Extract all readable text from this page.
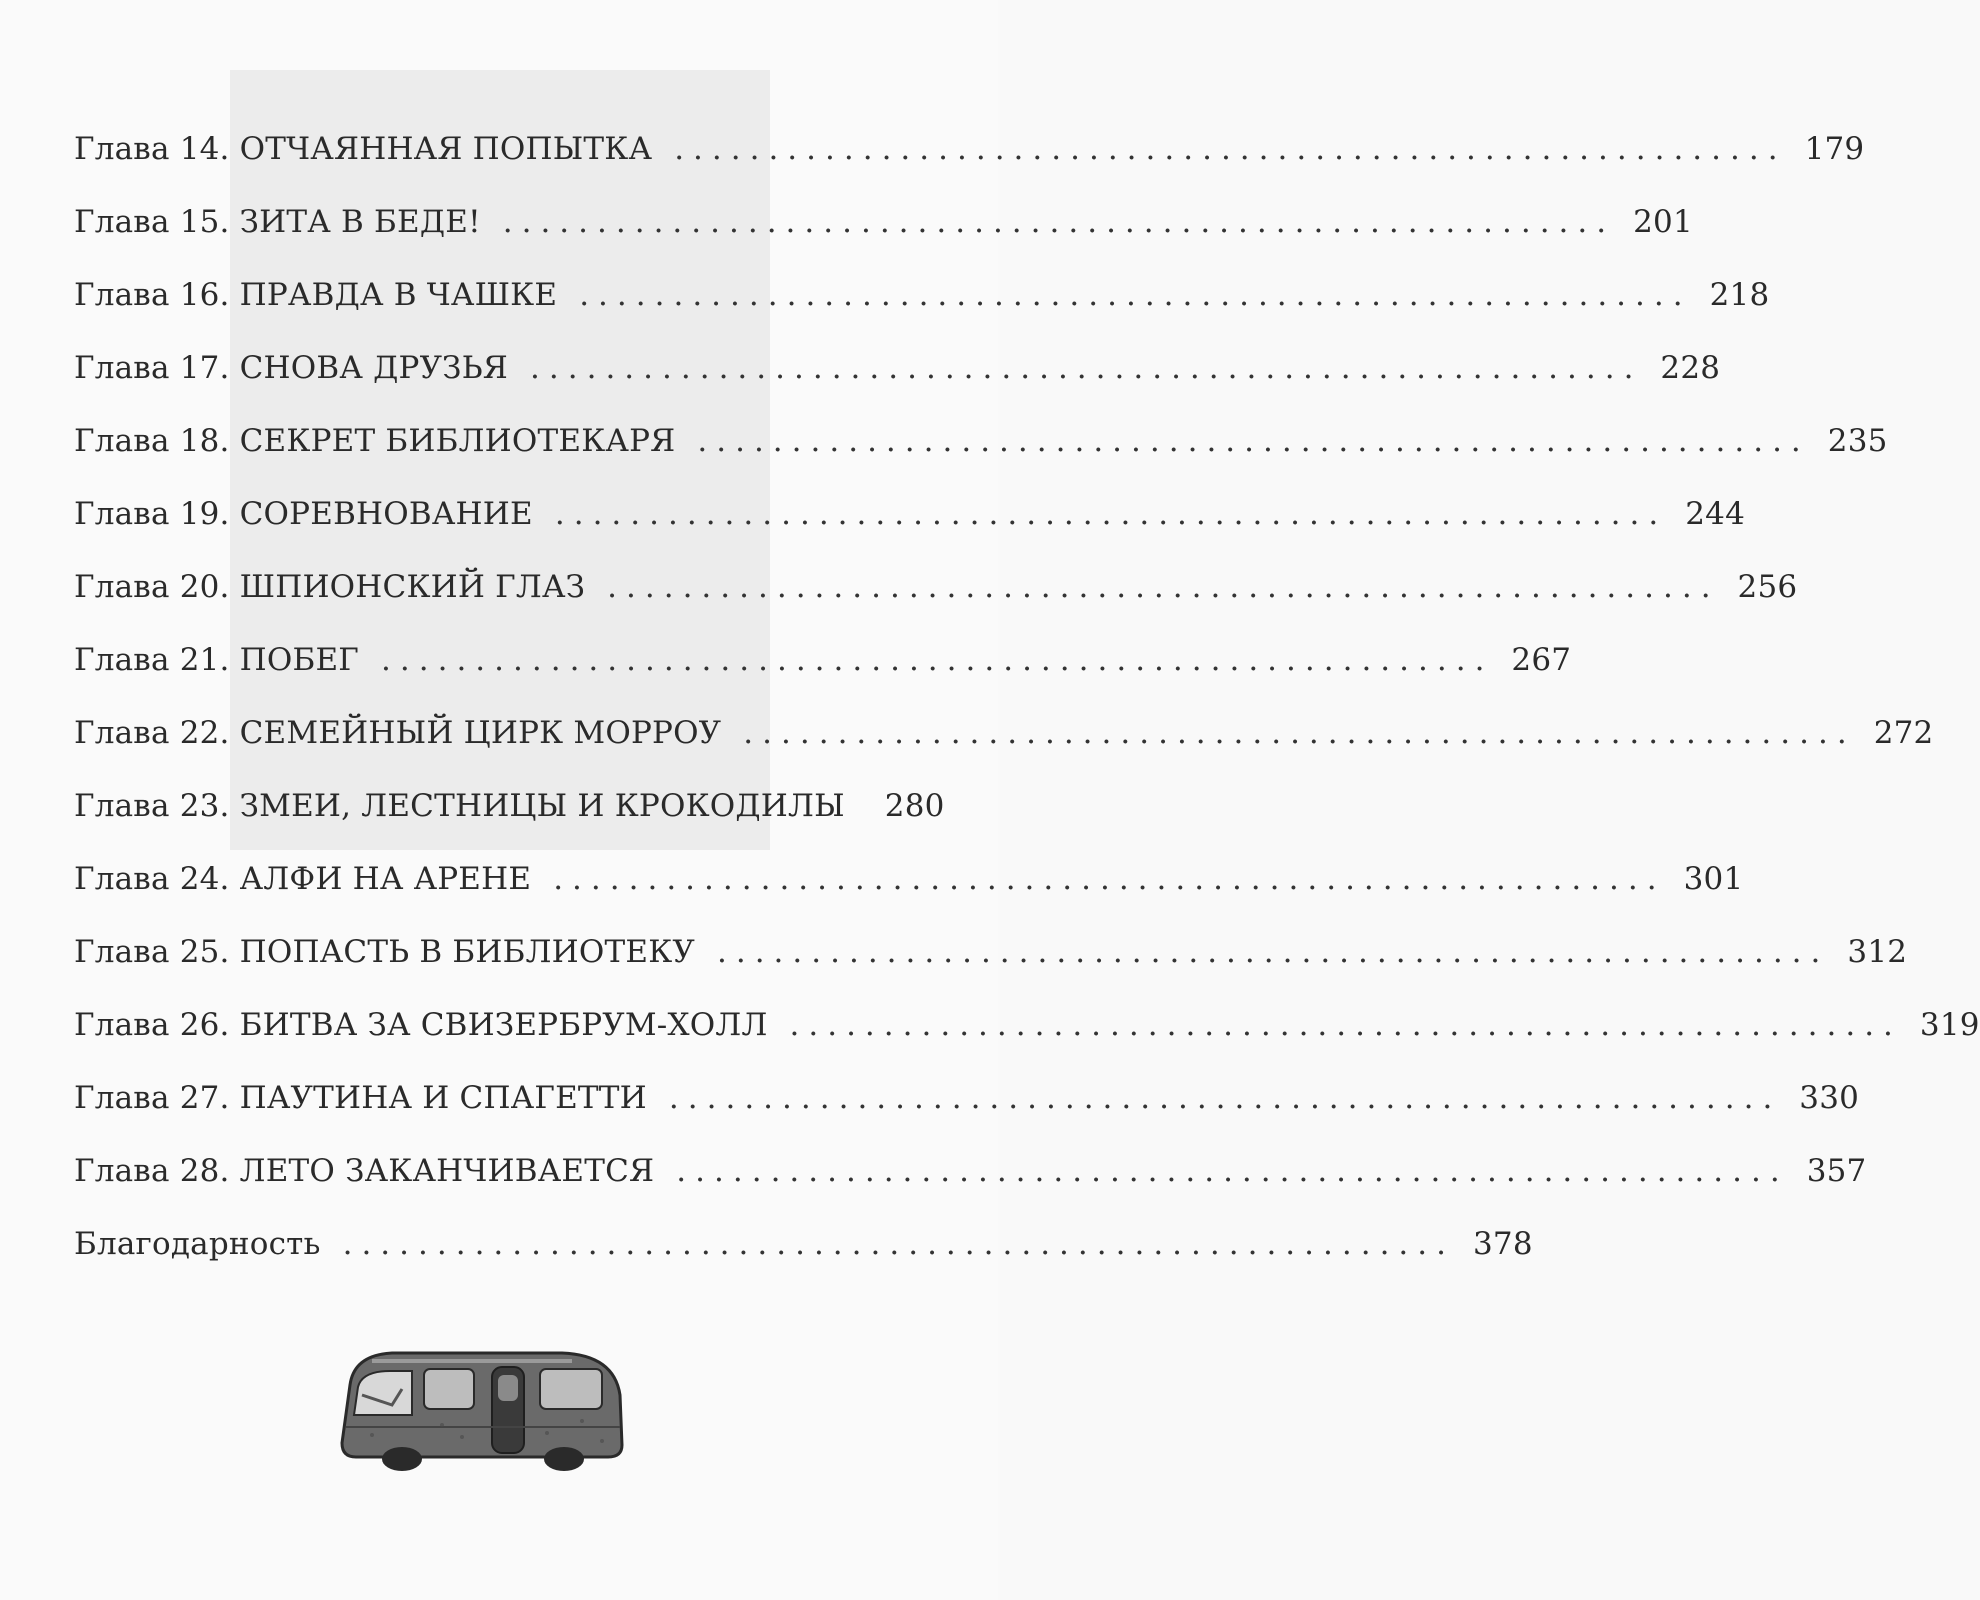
Глава 14. ОТЧАЯННАЯ ПОПЫТКА ........................................................... 179
Глава 15. ЗИТА В БЕДЕ! ........................................................... 201
Глава 16. ПРАВДА В ЧАШКЕ ........................................................... 218
Глава 17. СНОВА ДРУЗЬЯ ........................................................... 228
Глава 18. СЕКРЕТ БИБЛИОТЕКАРЯ ........................................................... 235
Глава 19. СОРЕВНОВАНИЕ ........................................................... 244
Глава 20. ШПИОНСКИЙ ГЛАЗ ........................................................... 256
Глава 21. ПОБЕГ ........................................................... 267
Глава 22. СЕМЕЙНЫЙ ЦИРК МОРРОУ ........................................................... 272
Глава 23. ЗМЕИ, ЛЕСТНИЦЫ И КРОКОДИЛЫ	280
Глава 24. АЛФИ НА АРЕНЕ ........................................................... 301
Глава 25. ПОПАСТЬ В БИБЛИОТЕКУ ........................................................... 312
Глава 26. БИТВА ЗА СВИЗЕРБРУМ-ХОЛЛ ........................................................... 319
Глава 27. ПАУТИНА И СПАГЕТТИ ........................................................... 330
Глава 28. ЛЕТО ЗАКАНЧИВАЕТСЯ ........................................................... 357
Благодарность ........................................................... 378
